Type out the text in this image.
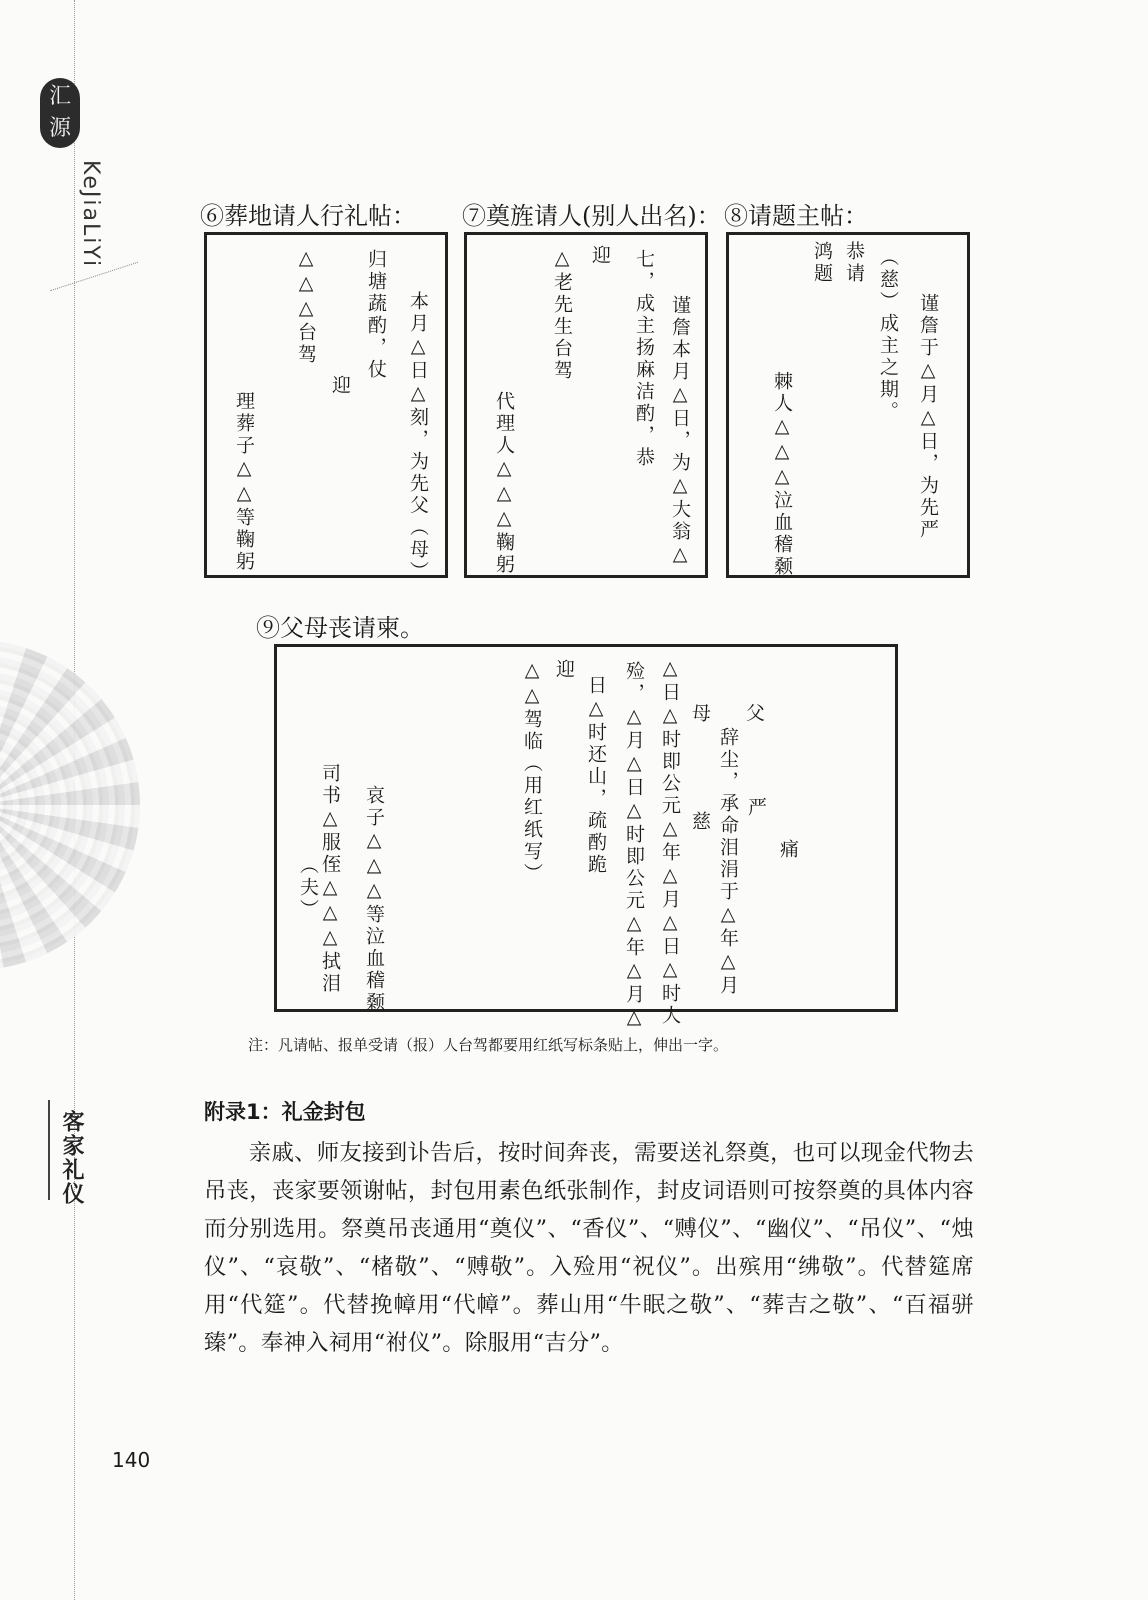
汇源
KeJiaLiYi
客家礼仪
⑥葬地请人行礼帖：
本月△日△刻，为先父（母）
归塘蔬酌，仗
迎
△△△台驾
理葬子△△等鞠躬
⑦奠旌请人(别人出名)：
谨詹本月△日，为△大翁△
七，成主扬麻洁酌，恭
迎
△老先生台驾
代理人△△△鞠躬
⑧请题主帖：
谨詹于△月△日，为先严
（慈）成主之期。
恭请
鸿题
棘人△△△泣血稽颡
⑨父母丧请柬。
父
母
严
慈 辞尘，承命泪涓于△年△月 痛
△日△时即公元△年△月△日△时大
殓，△月△日△时即公元△年△月△
日△时还山，疏酌跪
迎
△△驾临（用红纸写）
哀子△△△等泣血稽颡
司书△服侄△△△拭泪
（夫）
注：凡请帖、报单受请（报）人台驾都要用红纸写标条贴上，伸出一字。
附录1：礼金封包

亲戚、师友接到讣告后，按时间奔丧，需要送礼祭奠，也可以现金代物去吊丧，丧家要领谢帖，封包用素色纸张制作，封皮词语则可按祭奠的具体内容而分别选用。祭奠吊丧通用“奠仪”、“香仪”、“赙仪”、“幽仪”、“吊仪”、“烛仪”、“哀敬”、“楮敬”、“赙敬”。入殓用“祝仪”。出殡用“绋敬”。代替筵席用“代筵”。代替挽幛用“代幛”。葬山用“牛眠之敬”、“葬吉之敬”、“百福骈臻”。奉神入祠用“祔仪”。除服用“吉分”。

140
